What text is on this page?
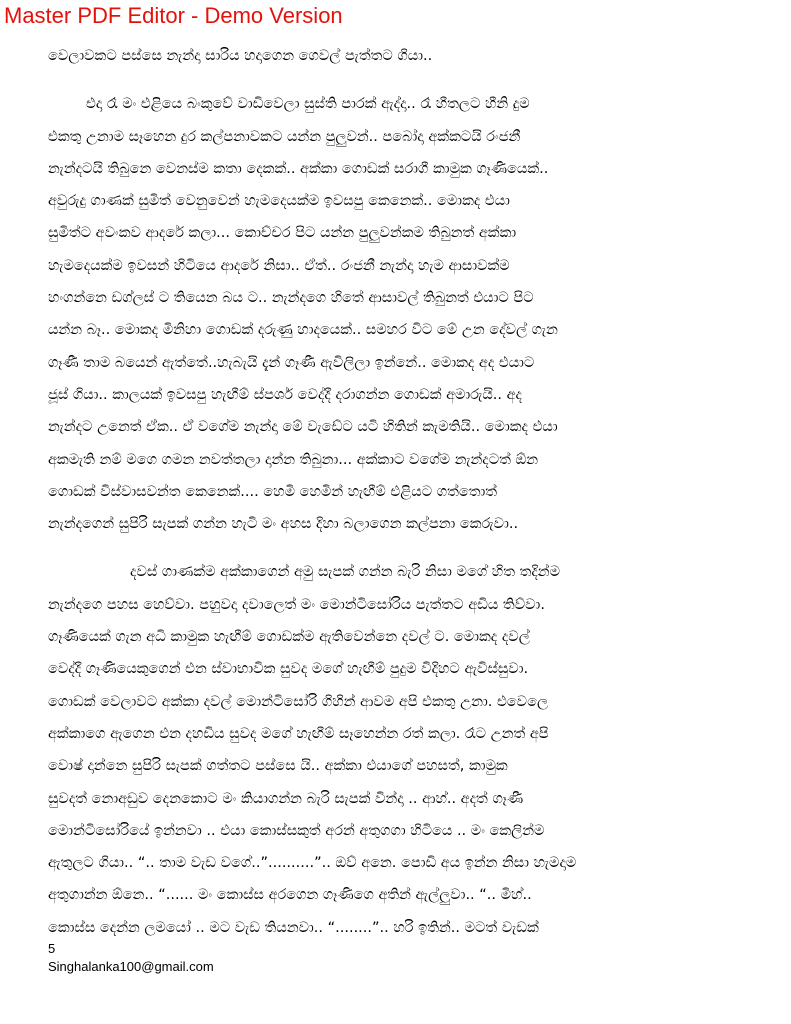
Master PDF Editor - Demo Version
වෙලාවකට පස්සෙ නැන්දා සාරිය හදාගෙන ගෙවල් පැත්තට ගියා..
එදා රෑ මං එළියෙ බංකුවේ වාඩිවෙලා සුස්ති පාරක් ඇද්දා.. රෑ හීතලට හීනි දුම
එකතු උනාම සෑහෙන දුර කල්පනාවකට යන්න පුලුවන්.. පබෝදා අක්කටයි රංජනී
නැන්දටයි තිබුනෙ වෙනස්ම කතා දෙකක්.. අක්කා ගොඩක් සරාගී කාමුක ගෑණියෙක්..
අවුරුදු ගාණක් සුමිත් වෙනුවෙන් හැමදෙයක්ම ඉවසපු කෙනෙක්.. මොකද එයා
සුමිත්ට අවංකව ආදරේ කලා... කොච්චර පිට යන්න පුලුවන්කම තිබුනත් අක්කා
හැමදෙයක්ම ඉවසන් හිටියෙ ආදරේ නිසා.. ඒත්.. රංජනී නැන්දා හැම ආසාවක්ම
හංගන්නෙ ඩග්ලස් ට තියෙන බය ට.. නැන්දගෙ හිතේ ආසාවල් තිබුනත් එයාට පිට
යන්න බෑ.. මොකද මිනිහා ගොඩක් දරුණු හාදයෙක්.. සමහර විට මේ උන දේවල් ගැන
ගෑණී තාම බයෙන් ඇත්තේ..හැබැයි දැන් ගෑණී ඇවිලිලා ඉන්නේ.. මොකද අද එයාට
ජූස් ගියා.. කාලයක් ඉවසපු හැඟීම් ස්පර්ශ වෙද්දී දරාගන්න ගොඩක් අමාරුයි.. අද
නැන්දට උනෙත් ඒක.. ඒ වගේම නැන්දා මේ වැඩේට යටි හිතින් කැමතියි.. මොකද එයා
අකමැති නම් මගෙ ගමන නවත්තලා දාන්න තිබුනා... අක්කාට වගේම නැන්දටත් ඕන
ගොඩක් විස්වාසවන්ත කෙනෙක්.... හෙමි හෙමින් හැඟීම් එළියට ගත්තොත්
නැන්දගෙන් සුපිරි සැපක් ගන්න හැටි මං අහස දිහා බලාගෙන කල්පනා කෙරුවා..
දවස් ගාණක්ම අක්කාගෙන් අමු සැපක් ගන්න බැරි නිසා මගේ හිත තදින්ම
නැන්දගෙ පහස හෙව්වා. පහුවදා දවාලෙත් මං මොන්ටිසෝරිය පැත්තට අඩිය තිව්වා.
ගෑණියෙක් ගැන අධි කාමුක හැඟීම් ගොඩක්ම ඇතිවෙන්නෙ දවල් ට. මොකද දවල්
වෙද්දී ගෑණියෙකුගෙන් එන ස්වාභාවික සුවද මගේ හැඟීම් පුදුම විදිහට ඇවිස්සුවා.
ගොඩක් වෙලාවට අක්කා දවල් මොන්ටිසෝරි ගිහින් ආවම අපි එකතු උනා. එවෙලෙ
අක්කාගෙ ඇගෙන එන දහඩිය සුවද මගේ හැඟීම් සෑහෙන්න රත් කලා. රෑට උනත් අපි
වොෂ් දාන්නෙ සුපිරි සැපක් ගත්තට පස්සෙ යි.. අක්කා එයාගේ පහසත්, කාමුක
සුවදත් නොඅඩුව දෙනකොට මං කියාගන්න බැරි සැපක් වින්දා .. ආහ්.. අදත් ගෑණී
මොන්ටිසෝරියේ ඉන්නවා .. එයා කොස්සකුත් අරන් අතුගගා හිටියෙ .. මං කෙලින්ම
ඇතුලට ගියා.. “.. තාම වැඩ වගේ..”..........”.. ඔව් අනෙ. පොඩි අය ඉන්න නිසා හැමදාම
අතුගාන්න ඕනෙ.. “...... මං කොස්ස අරගෙන ගෑණිගෙ අතින් ඇල්ලුවා.. “.. මිහ්..
කොස්ස දෙන්න ලමයෝ .. මට වැඩ තියනවා.. “........”.. හරි ඉතින්.. මටත් වැඩක්
5
Singhalanka100@gmail.com
